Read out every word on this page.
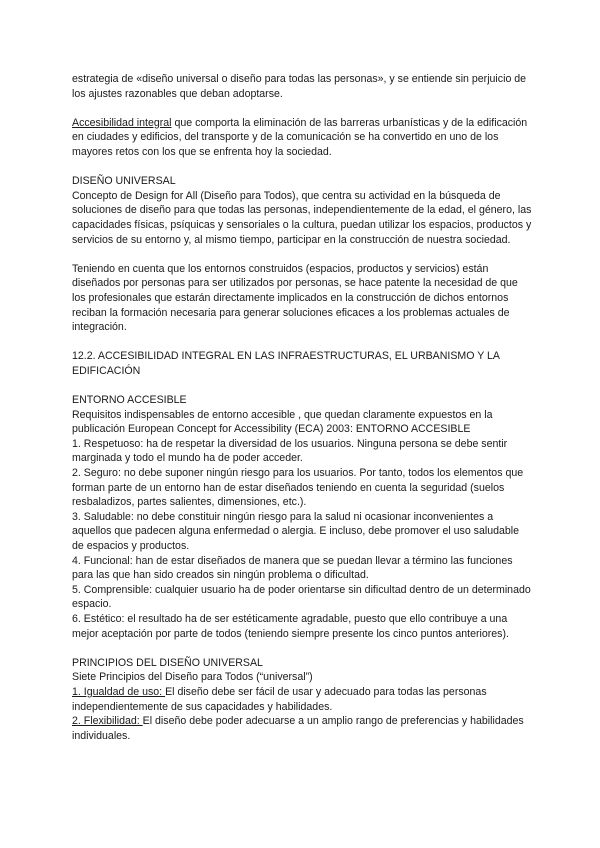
estrategia de «diseño universal o diseño para todas las personas», y se entiende sin perjuicio de los ajustes razonables que deban adoptarse.

Accesibilidad integral que comporta la eliminación de las barreras urbanísticas y de la edificación en ciudades y edificios, del transporte y de la comunicación se ha convertido en uno de los mayores retos con los que se enfrenta hoy la sociedad.

DISEÑO UNIVERSAL

Concepto de Design for All (Diseño para Todos), que centra su actividad en la búsqueda de soluciones de diseño para que todas las personas, independientemente de la edad, el género, las capacidades físicas, psíquicas y sensoriales o la cultura, puedan utilizar los espacios, productos y servicios de su entorno y, al mismo tiempo, participar en la construcción de nuestra sociedad.

Teniendo en cuenta que los entornos construidos (espacios, productos y servicios) están diseñados por personas para ser utilizados por personas, se hace patente la necesidad de que los profesionales que estarán directamente implicados en la construcción de dichos entornos reciban la formación necesaria para generar soluciones eficaces a los problemas actuales de integración.

12.2. ACCESIBILIDAD INTEGRAL EN LAS INFRAESTRUCTURAS, EL URBANISMO Y LA EDIFICACIÓN
ENTORNO ACCESIBLE

Requisitos indispensables de entorno accesible , que quedan claramente expuestos en la publicación European Concept for Accessibility (ECA) 2003: ENTORNO ACCESIBLE

1. Respetuoso: ha de respetar la diversidad de los usuarios. Ninguna persona se debe sentir marginada y todo el mundo ha de poder acceder.

2. Seguro: no debe suponer ningún riesgo para los usuarios. Por tanto, todos los elementos que forman parte de un entorno han de estar diseñados teniendo en cuenta la seguridad (suelos resbaladizos, partes salientes, dimensiones, etc.).

3. Saludable: no debe constituir ningún riesgo para la salud ni ocasionar inconvenientes a aquellos que padecen alguna enfermedad o alergia. E incluso, debe promover el uso saludable de espacios y productos.

4. Funcional: han de estar diseñados de manera que se puedan llevar a término las funciones para las que han sido creados sin ningún problema o dificultad.

5. Comprensible: cualquier usuario ha de poder orientarse sin dificultad dentro de un determinado espacio.

6. Estético: el resultado ha de ser estéticamente agradable, puesto que ello contribuye a una mejor aceptación por parte de todos (teniendo siempre presente los cinco puntos anteriores).

PRINCIPIOS DEL DISEÑO UNIVERSAL

Siete Principios del Diseño para Todos (“universal”)

1. Igualdad de uso: El diseño debe ser fácil de usar y adecuado para todas las personas independientemente de sus capacidades y habilidades.

2. Flexibilidad: El diseño debe poder adecuarse a un amplio rango de preferencias y habilidades individuales.
